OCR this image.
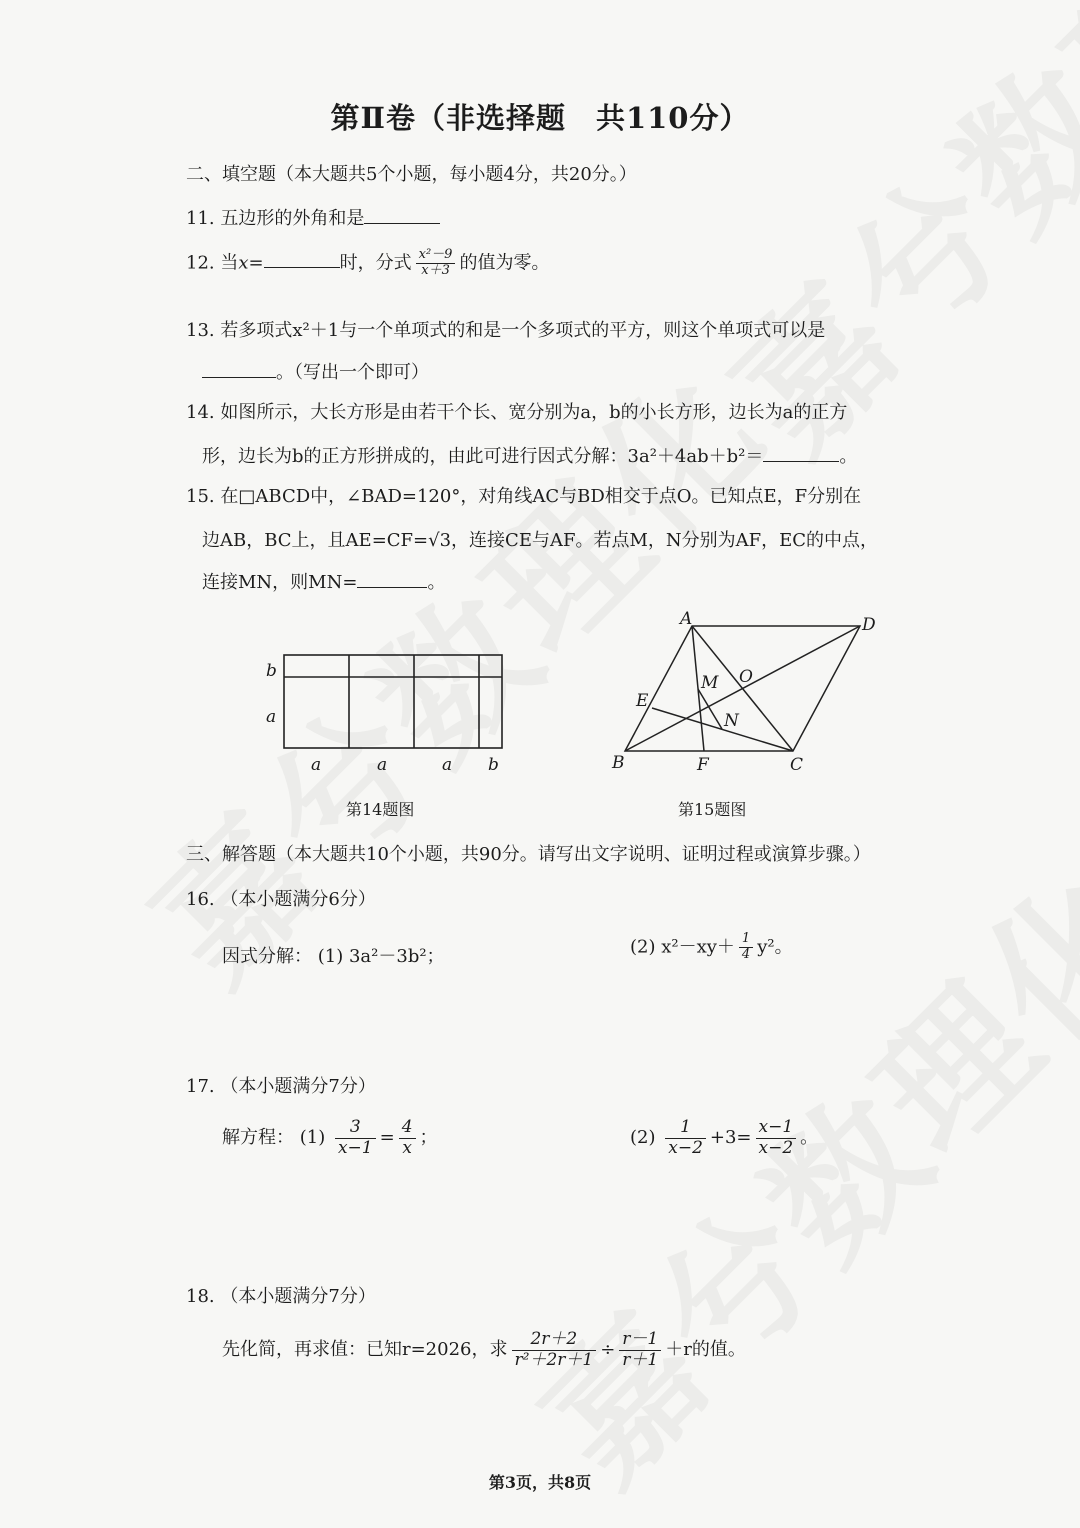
第Ⅱ卷（非选择题　共110分）
二、填空题（本大题共5个小题，每小题4分，共20分。）
11. 五边形的外角和是
12. 当x=	时，分式 $\frac{\text{x²－9}}{x+3}$ 的值为零。
13. 若多项式x²＋1与一个单项式的和是一个多项式的平方，则这个单项式可以是
。（写出一个即可）
14. 如图所示，大长方形是由若干个长、宽分别为a，b的小长方形，边长为a的正方
形，边长为b的正方形拼成的，由此可进行因式分解：3a²＋4ab＋b²＝	。
15. 在□ABCD中，∠BAD=120°，对角线AC与BD相交于点O。已知点E，F分别在
边AB，BC上，且AE=CF=√3，连接CE与AF。若点M，N分别为AF，EC的中点，
连接MN，则MN=	。
b
a
a	a	a b
第14题图
A	D
B	C
E
F
M
N
O
第15题图
三、解答题（本大题共10个小题，共90分。请写出文字说明、证明过程或演算步骤。）
16. （本小题满分6分）
因式分解： (1) 3a²－3b²；	(2) $x^2-xy+ \frac{1}{4} y^2$。
17. （本小题满分7分）
解方程： $(1) \frac{3}{x-1} = \frac{4}{x}$ ；	$(2) \frac{1}{x-2} +3= \frac{x-1}{x-2}$ 。
18. （本小题满分7分）
先化简，再求值：已知r=2026，求 $\frac{2r+2}{\text{r²＋2r＋1}} \div \frac{r-1}{r+1} +r$的值。
第3页，共8页
